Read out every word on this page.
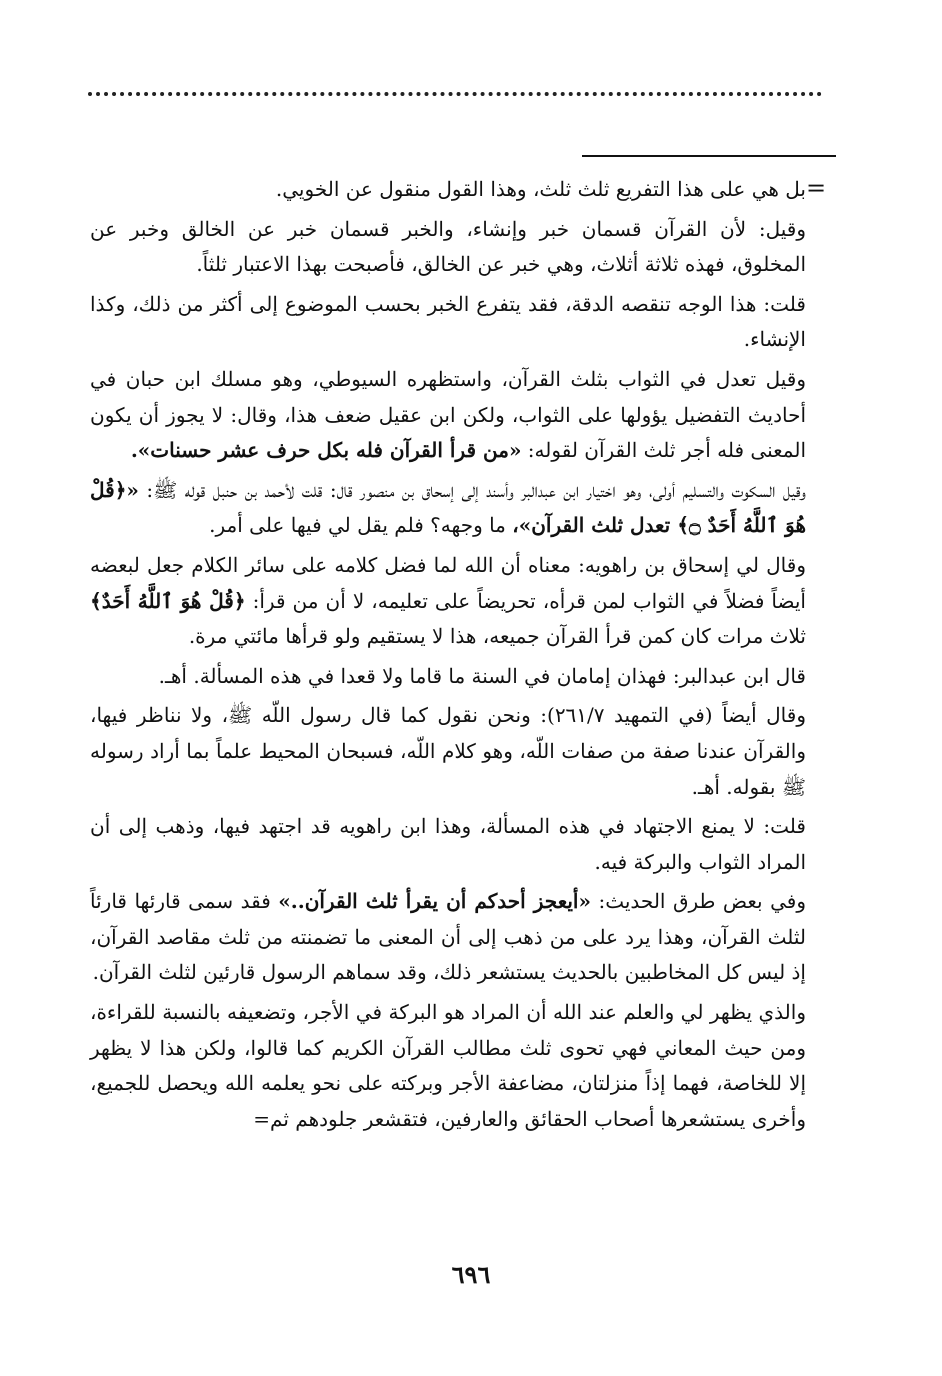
=

بل هي على هذا التفريع ثلث ثلث، وهذا القول منقول عن الخويي.

وقيل: لأن القرآن قسمان خبر وإنشاء، والخبر قسمان خبر عن الخالق وخبر عن المخلوق، فهذه ثلاثة أثلاث، وهي خبر عن الخالق، فأصبحت بهذا الاعتبار ثلثاً.

قلت: هذا الوجه تنقصه الدقة، فقد يتفرع الخبر بحسب الموضوع إلى أكثر من ذلك، وكذا الإنشاء.

وقيل تعدل في الثواب بثلث القرآن، واستظهره السيوطي، وهو مسلك ابن حبان في أحاديث التفضيل يؤولها على الثواب، ولكن ابن عقيل ضعف هذا، وقال: لا يجوز أن يكون المعنى فله أجر ثلث القرآن لقوله: «من قرأ القرآن فله بكل حرف عشر حسنات».

وقيل السكوت والتسليم أولى، وهو اختيار ابن عبدالبر وأسند إلى إسحاق بن منصور قال: قلت لأحمد بن حنبل قوله ﷺ: «﴿قُلْ هُوَ ٱللَّهُ أَحَدٌ ۝﴾ تعدل ثلث القرآن»، ما وجهه؟ فلم يقل لي فيها على أمر.

وقال لي إسحاق بن راهويه: معناه أن الله لما فضل كلامه على سائر الكلام جعل لبعضه أيضاً فضلاً في الثواب لمن قرأه، تحريضاً على تعليمه، لا أن من قرأ: ﴿قُلْ هُوَ ٱللَّهُ أَحَدٌ﴾ ثلاث مرات كان كمن قرأ القرآن جميعه، هذا لا يستقيم ولو قرأها مائتي مرة.

قال ابن عبدالبر: فهذان إمامان في السنة ما قاما ولا قعدا في هذه المسألة. أهـ.

وقال أيضاً (في التمهيد ٢٦١/٧): ونحن نقول كما قال رسول اللّه ﷺ، ولا نناظر فيها، والقرآن عندنا صفة من صفات اللّه، وهو كلام اللّه، فسبحان المحيط علماً بما أراد رسوله ﷺ بقوله. أهـ.

قلت: لا يمنع الاجتهاد في هذه المسألة، وهذا ابن راهويه قد اجتهد فيها، وذهب إلى أن المراد الثواب والبركة فيه.

وفي بعض طرق الحديث: «أيعجز أحدكم أن يقرأ ثلث القرآن..» فقد سمى قارئها قارئاً لثلث القرآن، وهذا يرد على من ذهب إلى أن المعنى ما تضمنته من ثلث مقاصد القرآن، إذ ليس كل المخاطبين بالحديث يستشعر ذلك، وقد سماهم الرسول قارئين لثلث القرآن.

والذي يظهر لي والعلم عند الله أن المراد هو البركة في الأجر، وتضعيفه بالنسبة للقراءة، ومن حيث المعاني فهي تحوى ثلث مطالب القرآن الكريم كما قالوا، ولكن هذا لا يظهر إلا للخاصة، فهما إذاً منزلتان، مضاعفة الأجر وبركته على نحو يعلمه الله ويحصل للجميع، وأخرى يستشعرها أصحاب الحقائق والعارفين، فتقشعر جلودهم ثم=

٦٩٦
